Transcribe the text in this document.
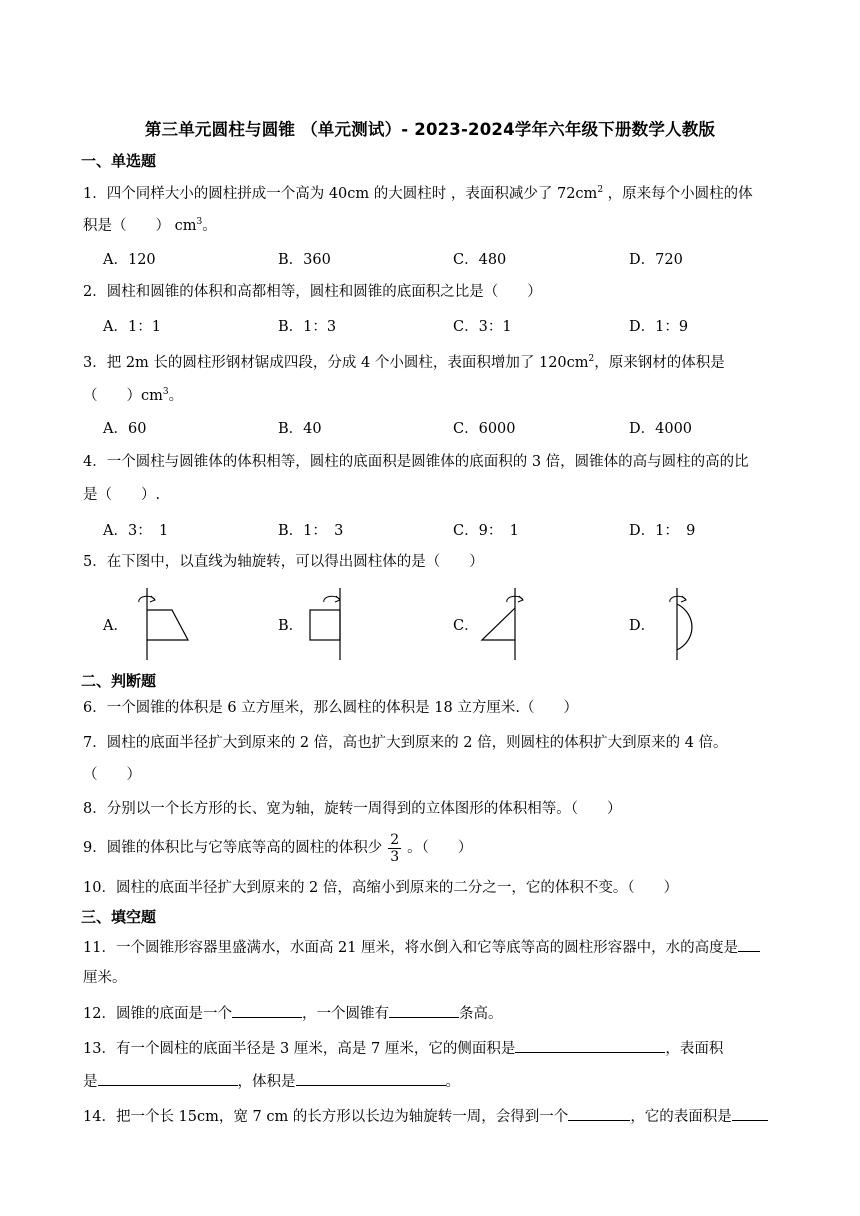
第三单元圆柱与圆锥 （单元测试）- 2023-2024学年六年级下册数学人教版
一、单选题
1．四个同样大小的圆柱拼成一个高为 40cm 的大圆柱时 ，表面积减少了 $72cm^2$ ，原来每个小圆柱的体
积是（　　） $cm^3$。
A．120	B．360	C．480	D．720
2．圆柱和圆锥的体积和高都相等，圆柱和圆锥的底面积之比是（　　）
A．1：1	B．1：3	C．3：1	D．1：9
3．把 2m 长的圆柱形钢材锯成四段，分成 4 个小圆柱，表面积增加了 $120cm^2$，原来钢材的体积是
（　　）$cm^3$。
A．60	B．40	C．6000	D．4000
4．一个圆柱与圆锥体的体积相等，圆柱的底面积是圆锥体的底面积的 3 倍，圆锥体的高与圆柱的高的比
是（　　）.
A．3：　1	B．1：　3	C．9：　1	D．1：　9
5．在下图中，以直线为轴旋转，可以得出圆柱体的是（　　）
A．	B．	C．	D．
二、判断题
6．一个圆锥的体积是 6 立方厘米，那么圆柱的体积是 18 立方厘米.（　　）
7．圆柱的底面半径扩大到原来的 2 倍，高也扩大到原来的 2 倍，则圆柱的体积扩大到原来的 4 倍。
（　　）
8．分别以一个长方形的长、宽为轴，旋转一周得到的立体图形的体积相等。（　　）
9．圆锥的体积比与它等底等高的圆柱的体积少 $\frac{2}{3}$ 。（　　）
10．圆柱的底面半径扩大到原来的 2 倍，高缩小到原来的二分之一，它的体积不变。（　　）
三、填空题
11．一个圆锥形容器里盛满水，水面高 21 厘米，将水倒入和它等底等高的圆柱形容器中，水的高度是
厘米。
12．圆锥的底面是一个	，一个圆锥有	条高。
13．有一个圆柱的底面半径是 3 厘米，高是 7 厘米，它的侧面积是	，表面积
是	，体积是	。
14．把一个长 15cm，宽 7 cm 的长方形以长边为轴旋转一周，会得到一个	，它的表面积是
